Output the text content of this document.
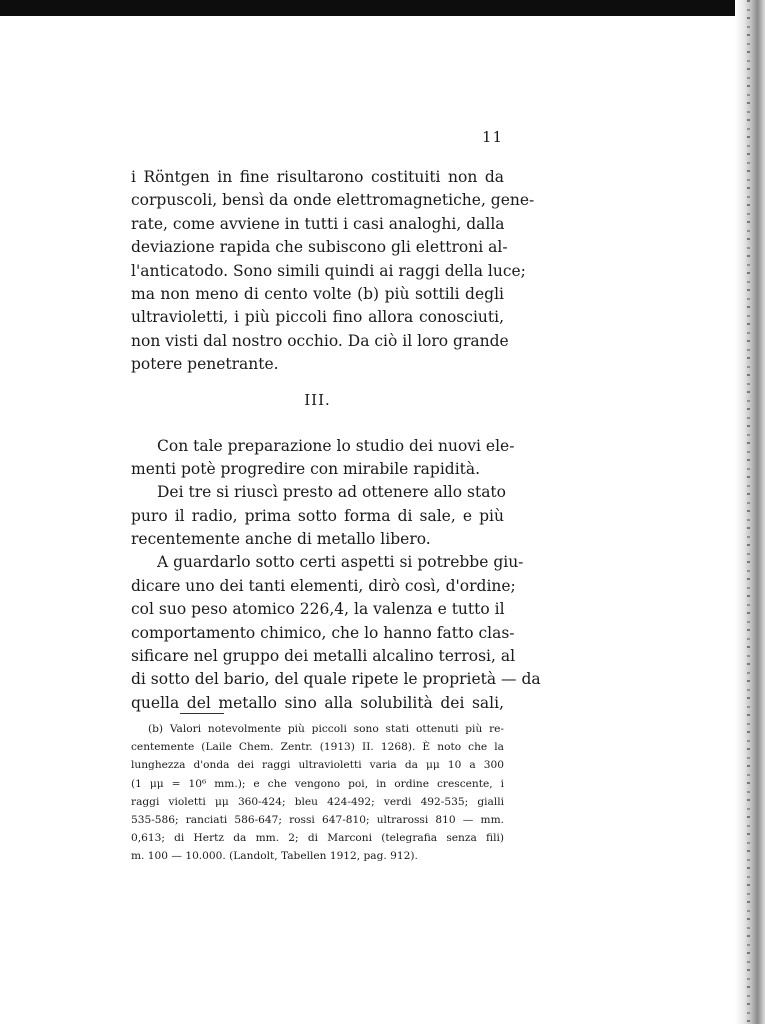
11
i Röntgen in fine risultarono costituiti non da
corpuscoli, bensì da onde elettromagnetiche, gene-
rate, come avviene in tutti i casi analoghi, dalla
deviazione rapida che subiscono gli elettroni al-
l'anticatodo. Sono simili quindi ai raggi della luce;
ma non meno di cento volte (b) più sottili degli
ultravioletti, i più piccoli fino allora conosciuti,
non visti dal nostro occhio. Da ciò il loro grande
potere penetrante.
III.
Con tale preparazione lo studio dei nuovi ele-
menti potè progredire con mirabile rapidità.
Dei tre si riuscì presto ad ottenere allo stato
puro il radio, prima sotto forma di sale, e più
recentemente anche di metallo libero.
A guardarlo sotto certi aspetti si potrebbe giu-
dicare uno dei tanti elementi, dirò così, d'ordine;
col suo peso atomico 226,4, la valenza e tutto il
comportamento chimico, che lo hanno fatto clas-
sificare nel gruppo dei metalli alcalino terrosi, al
di sotto del bario, del quale ripete le proprietà — da
quella del metallo sino alla solubilità dei sali,
(b) Valori notevolmente più piccoli sono stati ottenuti più re-
centemente (Laile Chem. Zentr. (1913) II. 1268). È noto che la
lunghezza d'onda dei raggi ultravioletti varia da μμ 10 a 300
(1 μμ = 10⁶ mm.); e che vengono poi, in ordine crescente, i
raggi violetti μμ 360-424; bleu 424-492; verdi 492-535; gialli
535-586; ranciati 586-647; rossi 647-810; ultrarossi 810 — mm.
0,613; di Hertz da mm. 2; di Marconi (telegrafia senza fili)
m. 100 — 10.000. (Landolt, Tabellen 1912, pag. 912).
